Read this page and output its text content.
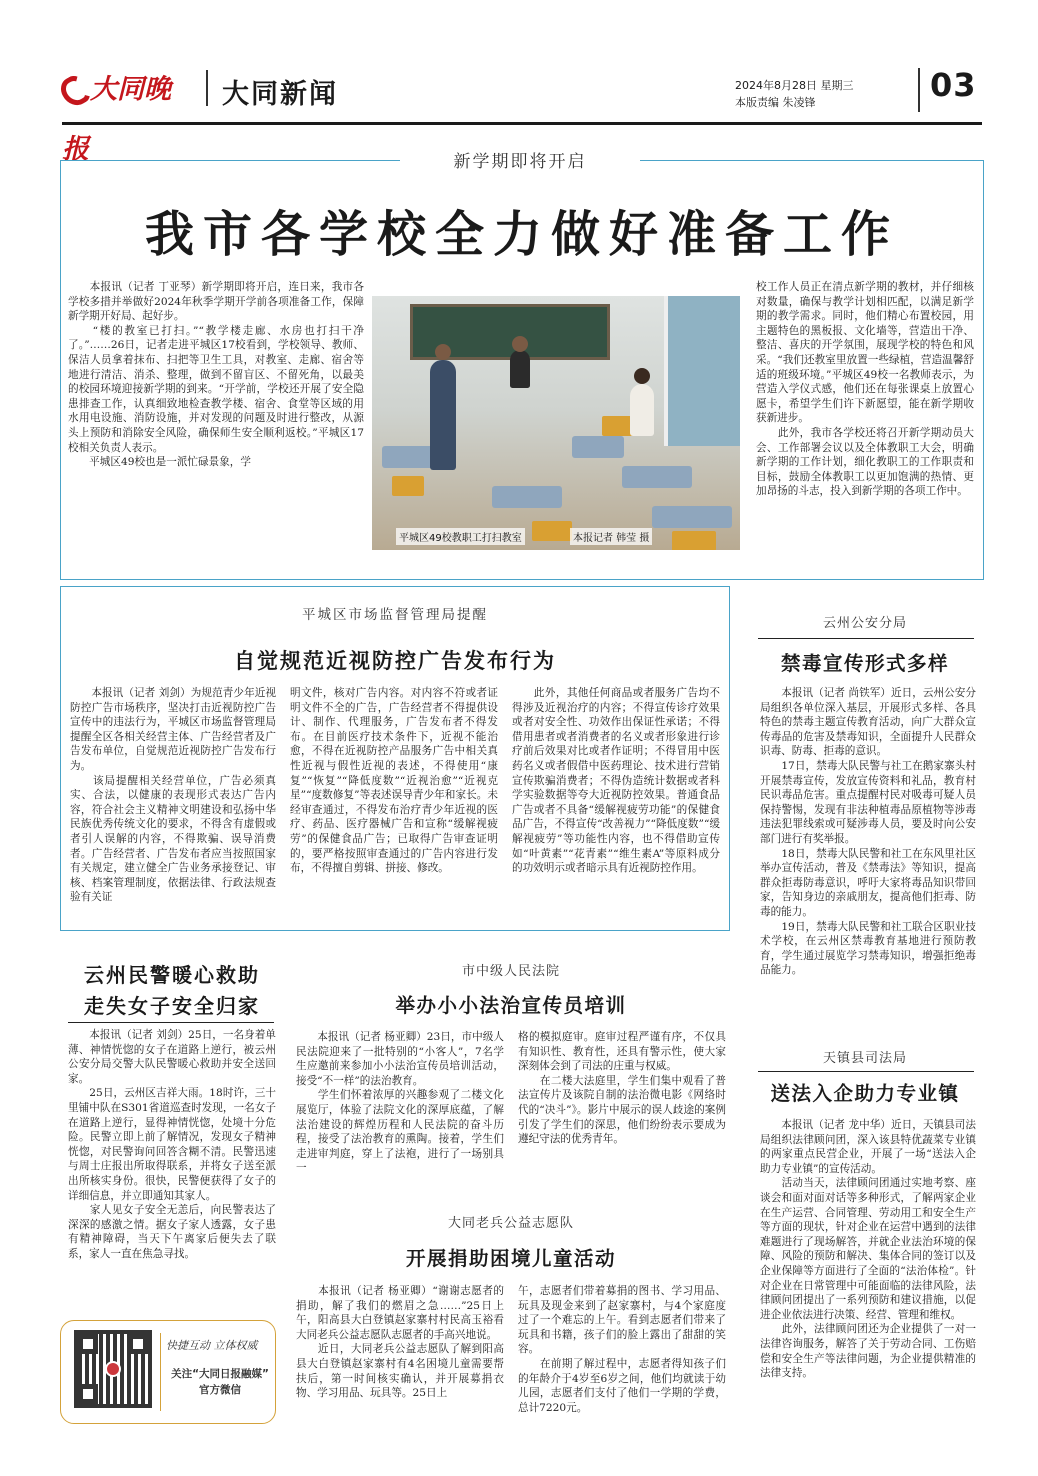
大同晚报
大同新闻	2024年8月28日 星期三
本版责编 朱凌锋	03
新学期即将开启
我市各学校全力做好准备工作
　　本报讯（记者 丁亚琴）新学期即将开启，连日来，我市各学校多措并举做好2024年秋季学期开学前各项准备工作，保障新学期开好局、起好步。
　　“楼的教室已打扫。”“教学楼走廊、水房也打扫干净了。”……26日，记者走进平城区17校看到，学校领导、教师、保洁人员拿着抹布、扫把等卫生工具，对教室、走廊、宿舍等地进行清洁、消杀、整理，做到不留盲区、不留死角，以最美的校园环境迎接新学期的到来。“开学前，学校还开展了安全隐患排查工作，认真细致地检查教学楼、宿舍、食堂等区域的用水用电设施、消防设施，并对发现的问题及时进行整改，从源头上预防和消除安全风险，确保师生安全顺利返校。”平城区17校相关负责人表示。
　　平城区49校也是一派忙碌景象，学
平城区49校教职工打扫教室	本报记者 韩莹 摄
校工作人员正在清点新学期的教材，并仔细核对数量，确保与教学计划相匹配，以满足新学期的教学需求。同时，他们精心布置校园，用主题特色的黑板报、文化墙等，营造出干净、整洁、喜庆的开学氛围，展现学校的特色和风采。“我们还教室里放置一些绿植，营造温馨舒适的班级环境。”平城区49校一名教师表示，为营造入学仪式感，他们还在每张课桌上放置心愿卡，希望学生们许下新愿望，能在新学期收获新进步。
　　此外，我市各学校还将召开新学期动员大会、工作部署会议以及全体教职工大会，明确新学期的工作计划，细化教职工的工作职责和目标，鼓励全体教职工以更加饱满的热情、更加昂扬的斗志，投入到新学期的各项工作中。
平城区市场监督管理局提醒
自觉规范近视防控广告发布行为
　　本报讯（记者 刘剑）为规范青少年近视防控广告市场秩序，坚决打击近视防控广告宣传中的违法行为，平城区市场监督管理局提醒全区各相关经营主体、广告经营者及广告发布单位，自觉规范近视防控广告发布行为。
　　该局提醒相关经营单位，广告必须真实、合法，以健康的表现形式表达广告内容，符合社会主义精神文明建设和弘扬中华民族优秀传统文化的要求，不得含有虚假或者引人误解的内容，不得欺骗、误导消费者。广告经营者、广告发布者应当按照国家有关规定，建立健全广告业务承接登记、审核、档案管理制度，依据法律、行政法规查验有关证
明文件，核对广告内容。对内容不符或者证明文件不全的广告，广告经营者不得提供设计、制作、代理服务，广告发布者不得发布。在目前医疗技术条件下，近视不能治愈，不得在近视防控产品服务广告中相关真性近视与假性近视的表述，不得使用“康复”“恢复”“降低度数”“近视治愈”“近视克星”“度数修复”等表述误导青少年和家长。未经审查通过，不得发布治疗青少年近视的医疗、药品、医疗器械广告和宣称“缓解视疲劳”的保健食品广告；已取得广告审查证明的，要严格按照审查通过的广告内容进行发布，不得擅自剪辑、拼接、修改。
　　此外，其他任何商品或者服务广告均不得涉及近视治疗的内容；不得宣传诊疗效果或者对安全性、功效作出保证性承诺；不得借用患者或者消费者的名义或者形象进行诊疗前后效果对比或者作证明；不得冒用中医药名义或者假借中医药理论、技术进行营销宣传欺骗消费者；不得伪造统计数据或者科学实验数据等夸大近视防控效果。普通食品广告或者不具备“缓解视疲劳功能”的保健食品广告，不得宣传“改善视力”“降低度数”“缓解视疲劳”等功能性内容，也不得借助宣传如“叶黄素”“花青素”“维生素A”等原料成分的功效明示或者暗示具有近视防控作用。
云州公安分局
禁毒宣传形式多样
　　本报讯（记者 尚铁军）近日，云州公安分局组织各单位深入基层，开展形式多样、各具特色的禁毒主题宣传教育活动，向广大群众宣传毒品的危害及禁毒知识，全面提升人民群众识毒、防毒、拒毒的意识。
　　17日，禁毒大队民警与社工在鹅家寨头村开展禁毒宣传，发放宣传资料和礼品，教育村民识毒品危害。重点提醒村民对吸毒可疑人员保持警惕，发现有非法种植毒品原植物等涉毒违法犯罪线索或可疑涉毒人员，要及时向公安部门进行有奖举报。
　　18日，禁毒大队民警和社工在东风里社区举办宣传活动，普及《禁毒法》等知识，提高群众拒毒防毒意识，呼吁大家将毒品知识带回家，告知身边的亲戚朋友，提高他们拒毒、防毒的能力。
　　19日，禁毒大队民警和社工联合区职业技术学校，在云州区禁毒教育基地进行预防教育，学生通过展览学习禁毒知识，增强拒绝毒品能力。
云州民警暖心救助
走失女子安全归家
　　本报讯（记者 刘剑）25日，一名身着单薄、神情恍惚的女子在道路上逆行，被云州公安分局交警大队民警暖心救助并安全送回家。
　　25日，云州区吉祥大雨。18时许，三十里铺中队在S301省道巡查时发现，一名女子在道路上逆行，显得神情恍惚，处境十分危险。民警立即上前了解情况，发现女子精神恍惚，对民警询问回答含糊不清。民警迅速与周士庄报出所取得联系，并将女子送至派出所核实身份。很快，民警便获得了女子的详细信息，并立即通知其家人。
　　家人见女子安全无恙后，向民警表达了深深的感激之情。据女子家人透露，女子患有精神障碍，当天下午离家后便失去了联系，家人一直在焦急寻找。
市中级人民法院
举办小小法治宣传员培训
　　本报讯（记者 杨亚卿）23日，市中级人民法院迎来了一批特别的“小客人”，7名学生应邀前来参加小小法治宣传员培训活动，接受“不一样”的法治教育。
　　学生们怀着浓厚的兴趣参观了二楼文化展览厅，体验了法院文化的深厚底蕴，了解法治建设的辉煌历程和人民法院的奋斗历程，接受了法治教育的熏陶。接着，学生们走进审判庭，穿上了法袍，进行了一场别具一
格的模拟庭审。庭审过程严谨有序，不仅具有知识性、教育性，还具有警示性，使大家深刻体会到了司法的庄重与权威。
　　在二楼大法庭里，学生们集中观看了普法宣传片及该院自制的法治微电影《网络时代的“决斗”》。影片中展示的误人歧途的案例引发了学生们的深思，他们纷纷表示要成为遵纪守法的优秀青年。
大同老兵公益志愿队
开展捐助困境儿童活动
　　本报讯（记者 杨亚卿）“谢谢志愿者的捐助，解了我们的燃眉之急……”25日上午，阳高县大白登镇赵家寨村村民高玉裕看大同老兵公益志愿队志愿者的手高兴地说。
　　近日，大同老兵公益志愿队了解到阳高县大白登镇赵家寨村有4名困境儿童需要帮扶后，第一时间核实确认，并开展募捐衣物、学习用品、玩具等。25日上
午，志愿者们带着募捐的图书、学习用品、玩具及现金来到了赵家寨村，与4个家庭度过了一个难忘的上午。看到志愿者们带来了玩具和书籍，孩子们的脸上露出了甜甜的笑容。
　　在前期了解过程中，志愿者得知孩子们的年龄介于4岁至6岁之间，他们均就读于幼儿园，志愿者们支付了他们一学期的学费，总计7220元。
天镇县司法局
送法入企助力专业镇
　　本报讯（记者 龙中华）近日，天镇县司法局组织法律顾问团，深入该县特优蔬菜专业镇的两家重点民营企业，开展了一场“送法入企助力专业镇”的宣传活动。
　　活动当天，法律顾问团通过实地考察、座谈会和面对面对话等多种形式，了解两家企业在生产运营、合同管理、劳动用工和安全生产等方面的现状，针对企业在运营中遇到的法律难题进行了现场解答，并就企业法治环境的保障、风险的预防和解决、集体合同的签订以及企业保障等方面进行了全面的“法治体检”。针对企业在日常管理中可能面临的法律风险，法律顾问团提出了一系列预防和建议措施，以促进企业依法进行决策、经营、管理和维权。
　　此外，法律顾问团还为企业提供了一对一法律咨询服务，解答了关于劳动合同、工伤赔偿和安全生产等法律问题，为企业提供精准的法律支持。
快捷互动 立体权威
关注“大同日报融媒”
官方微信
